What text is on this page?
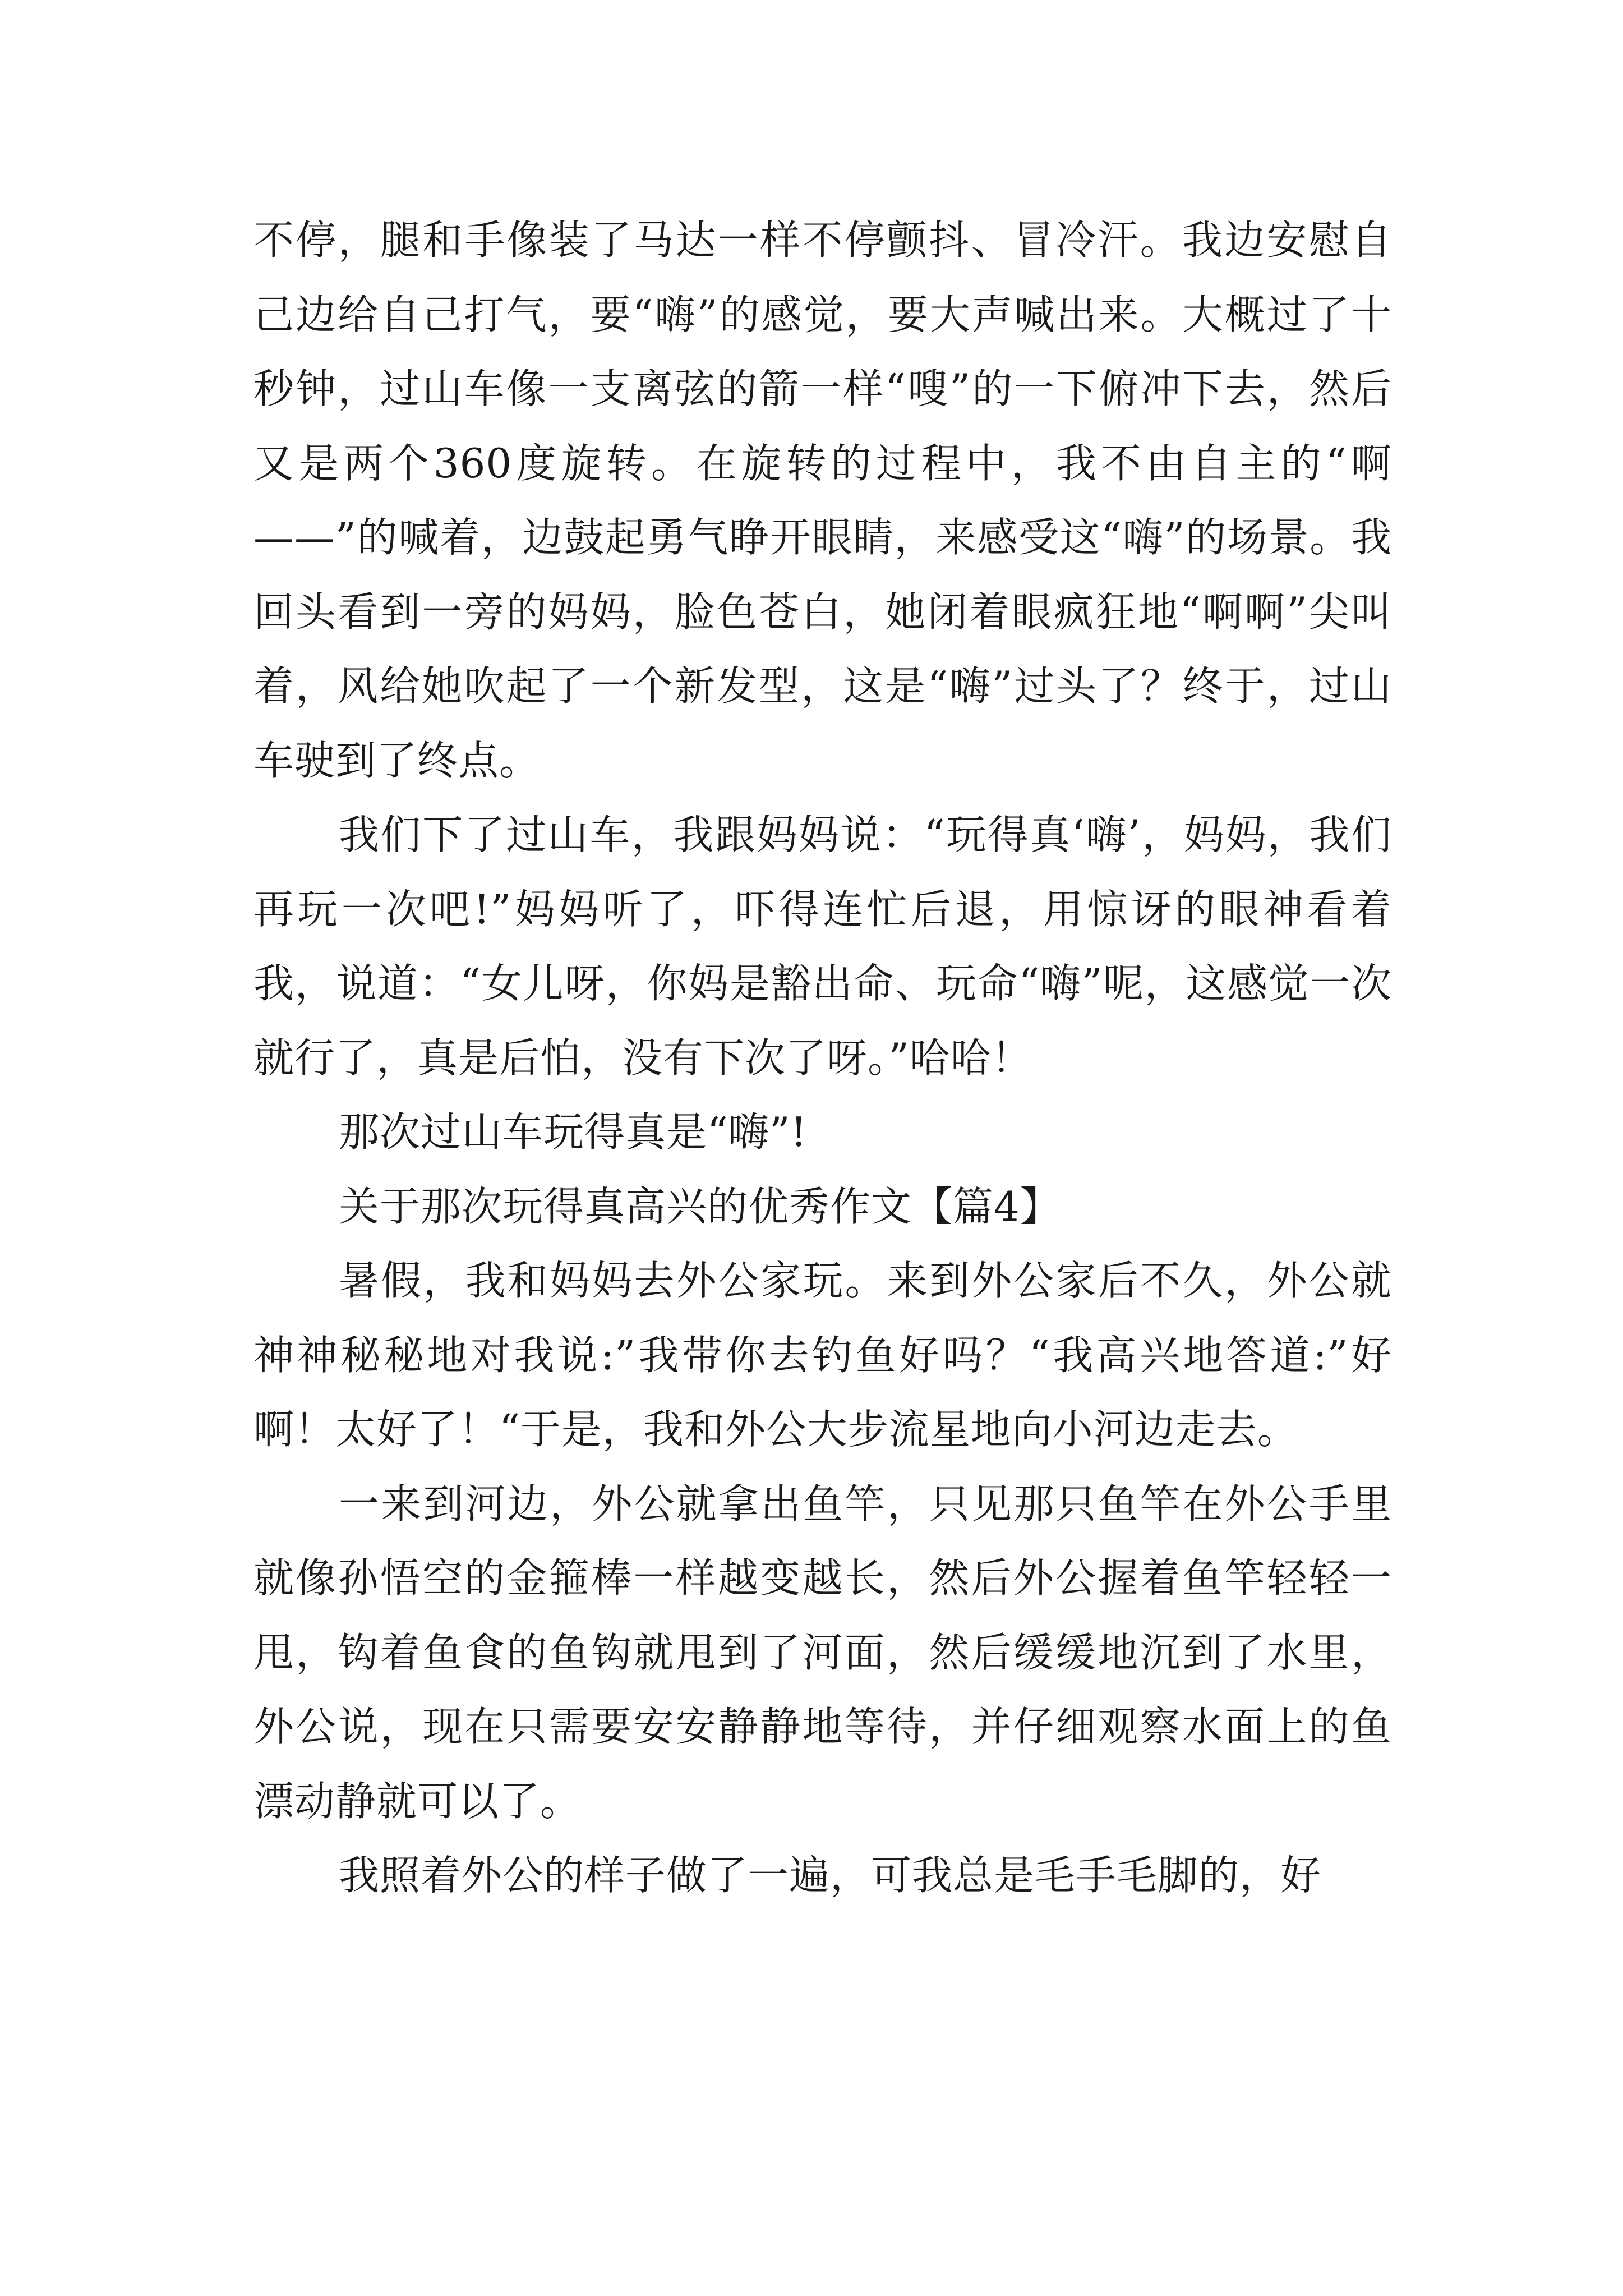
不停，腿和手像装了马达一样不停颤抖、冒冷汗。我边安慰自己边给自己打气，要“嗨”的感觉，要大声喊出来。大概过了十秒钟，过山车像一支离弦的箭一样“嗖”的一下俯冲下去，然后又是两个360度旋转。在旋转的过程中，我不由自主的“啊——”的喊着，边鼓起勇气睁开眼睛，来感受这“嗨”的场景。我回头看到一旁的妈妈，脸色苍白，她闭着眼疯狂地“啊啊”尖叫着，风给她吹起了一个新发型，这是“嗨”过头了？终于，过山车驶到了终点。

我们下了过山车，我跟妈妈说：“玩得真‘嗨’，妈妈，我们再玩一次吧!”妈妈听了，吓得连忙后退，用惊讶的眼神看着我，说道：“女儿呀，你妈是豁出命、玩命“嗨”呢，这感觉一次就行了，真是后怕，没有下次了呀。”哈哈！

那次过山车玩得真是“嗨”!

关于那次玩得真高兴的优秀作文【篇4】

暑假，我和妈妈去外公家玩。来到外公家后不久，外公就神神秘秘地对我说:”我带你去钓鱼好吗？“我高兴地答道:”好啊！太好了！“于是，我和外公大步流星地向小河边走去。

一来到河边，外公就拿出鱼竿，只见那只鱼竿在外公手里就像孙悟空的金箍棒一样越变越长，然后外公握着鱼竿轻轻一甩，钩着鱼食的鱼钩就甩到了河面，然后缓缓地沉到了水里，外公说，现在只需要安安静静地等待，并仔细观察水面上的鱼漂动静就可以了。

我照着外公的样子做了一遍，可我总是毛手毛脚的，好
